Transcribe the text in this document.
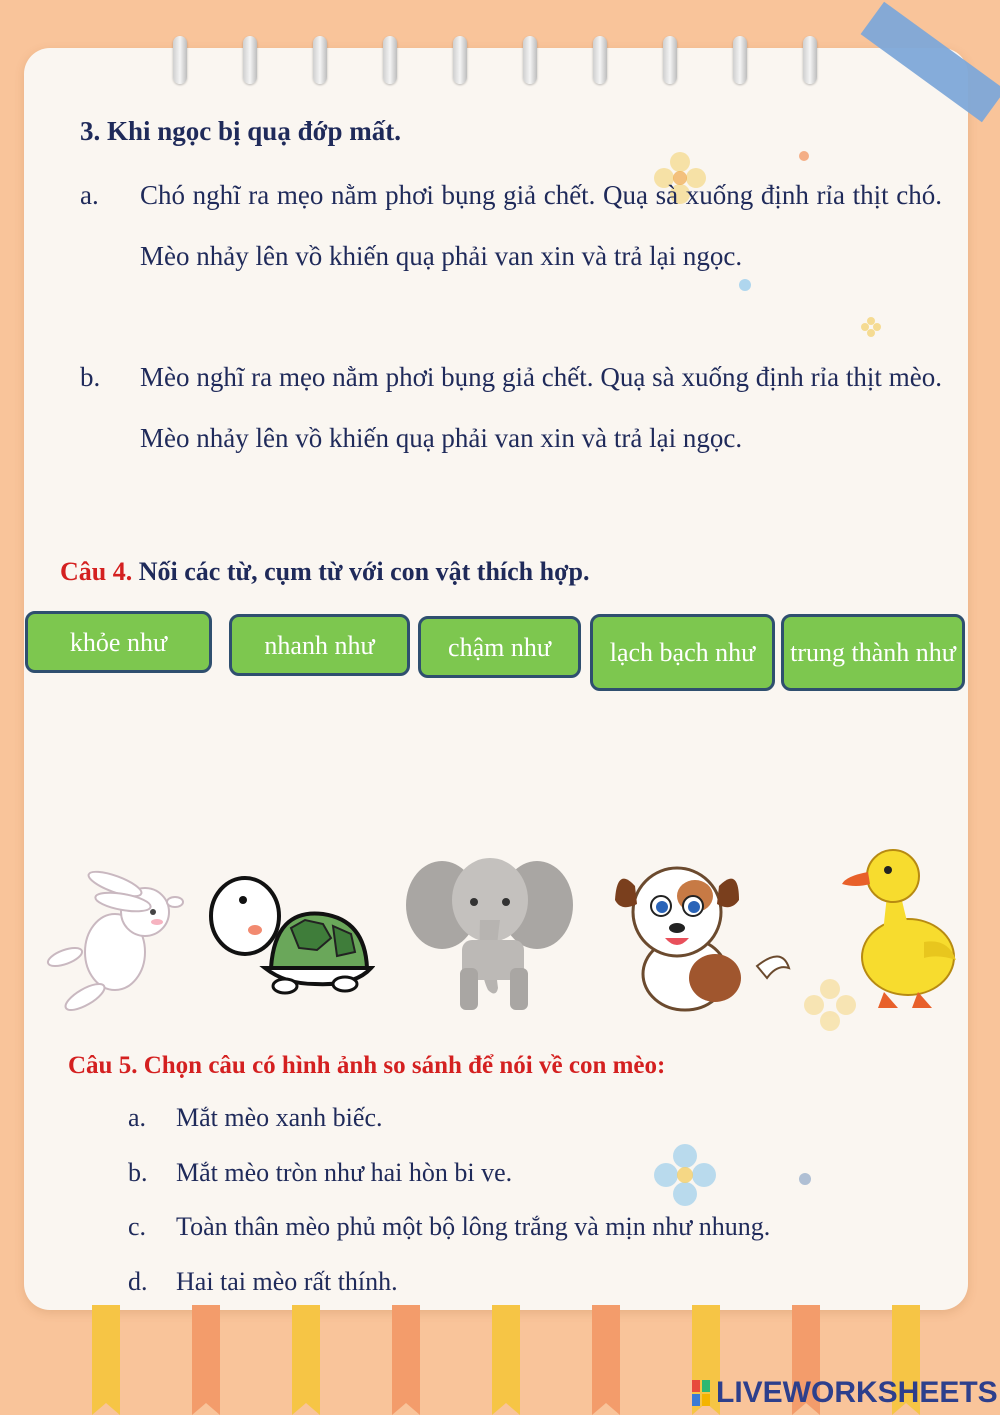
3. Khi ngọc bị quạ đớp mất.
a. Chó nghĩ ra mẹo nằm phơi bụng giả chết. Quạ sà xuống định rỉa thịt chó. Mèo nhảy lên vồ khiến quạ phải van xin và trả lại ngọc.
b. Mèo nghĩ ra mẹo nằm phơi bụng giả chết. Quạ sà xuống định rỉa thịt mèo. Mèo nhảy lên vồ khiến quạ phải van xin và trả lại ngọc.
Câu 4. Nối các từ, cụm từ với con vật thích hợp.
khỏe như	nhanh như	chậm như	lạch bạch như	trung thành như
Câu 5. Chọn câu có hình ảnh so sánh để nói về con mèo:
a. Mắt mèo xanh biếc.
b. Mắt mèo tròn như hai hòn bi ve.
c. Toàn thân mèo phủ một bộ lông trắng và mịn như nhung.
d. Hai tai mèo rất thính.
LIVEWORKSHEETS
